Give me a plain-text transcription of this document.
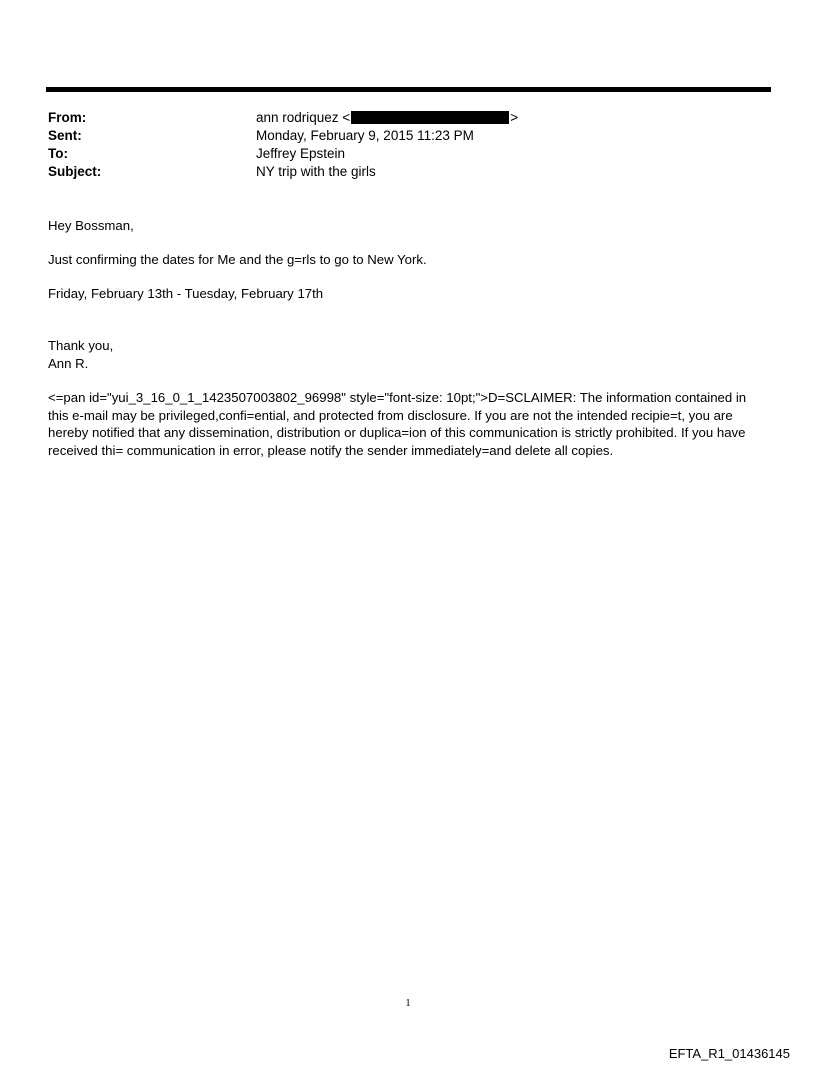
From:	ann rodriquez <	>
Sent:	Monday, February 9, 2015 11:23 PM
To:	Jeffrey Epstein
Subject:	NY trip with the girls

Hey Bossman,

Just confirming the dates for Me and the g=rls to go to New York.

Friday, February 13th - Tuesday, February 17th

Thank you,

Ann R.

<=pan id="yui_3_16_0_1_1423507003802_96998" style="font-size: 10pt;">D=SCLAIMER: The information contained in this e-mail may be privileged,confi=ential, and protected from disclosure. If you are not the intended recipie=t, you are hereby notified that any dissemination, distribution or duplica=ion of this communication is strictly prohibited. If you have received thi= communication in error, please notify the sender immediately=and delete all copies.

1
EFTA_R1_01436145
